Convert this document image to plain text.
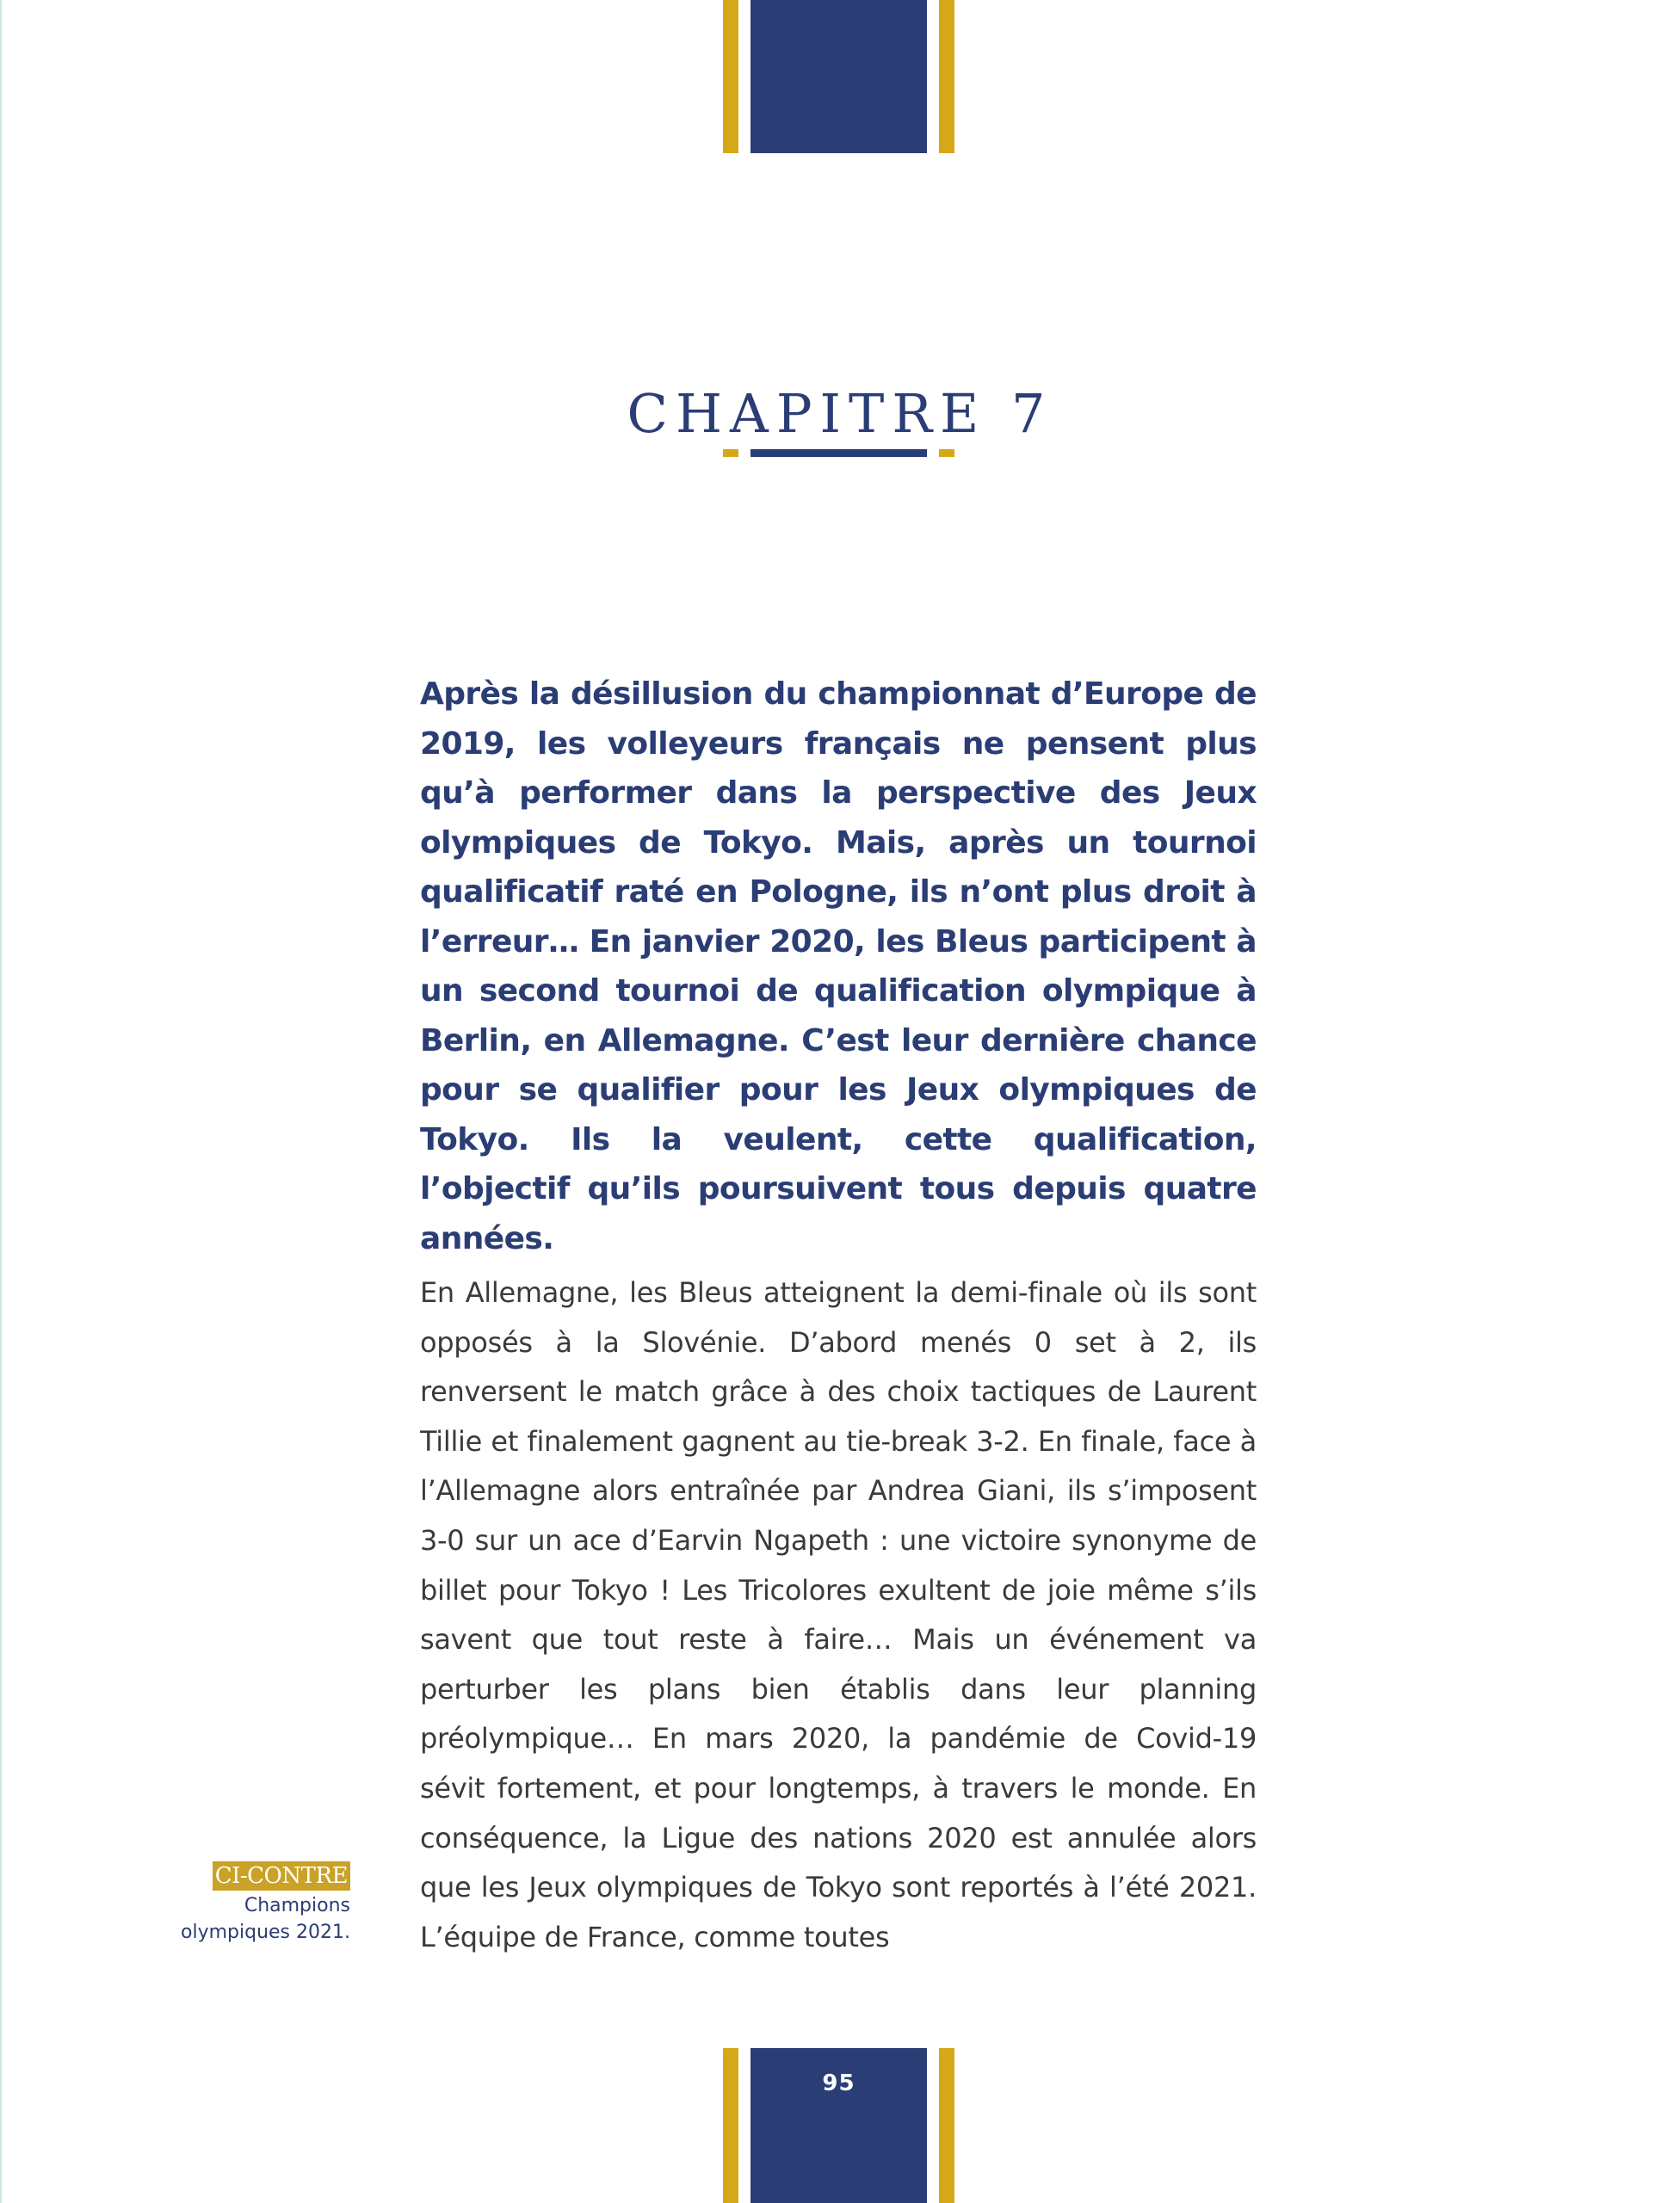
CHAPITRE 7

Après la désillusion du championnat d’Europe de 2019, les volleyeurs français ne pensent plus qu’à performer dans la perspective des Jeux olympiques de Tokyo. Mais, après un tournoi qualificatif raté en Pologne, ils n’ont plus droit à l’erreur… En janvier 2020, les Bleus participent à un second tournoi de qualification olympique à Berlin, en Allemagne. C’est leur dernière chance pour se qualifier pour les Jeux olympiques de Tokyo. Ils la veulent, cette qualification, l’objectif qu’ils poursuivent tous depuis quatre années.

En Allemagne, les Bleus atteignent la demi-finale où ils sont opposés à la Slovénie. D’abord menés 0 set à 2, ils renversent le match grâce à des choix tactiques de Laurent Tillie et finalement gagnent au tie-break 3-2. En finale, face à l’Allemagne alors entraînée par Andrea Giani, ils s’imposent 3-0 sur un ace d’Earvin Ngapeth : une victoire synonyme de billet pour Tokyo ! Les Tricolores exultent de joie même s’ils savent que tout reste à faire… Mais un événement va perturber les plans bien établis dans leur planning préolympique… En mars 2020, la pandémie de Covid-19 sévit fortement, et pour longtemps, à travers le monde. En conséquence, la Ligue des nations 2020 est annulée alors que les Jeux olympiques de Tokyo sont reportés à l’été 2021. L’équipe de France, comme toutes

CI-CONTRE
Champions
olympiques 2021.
95
